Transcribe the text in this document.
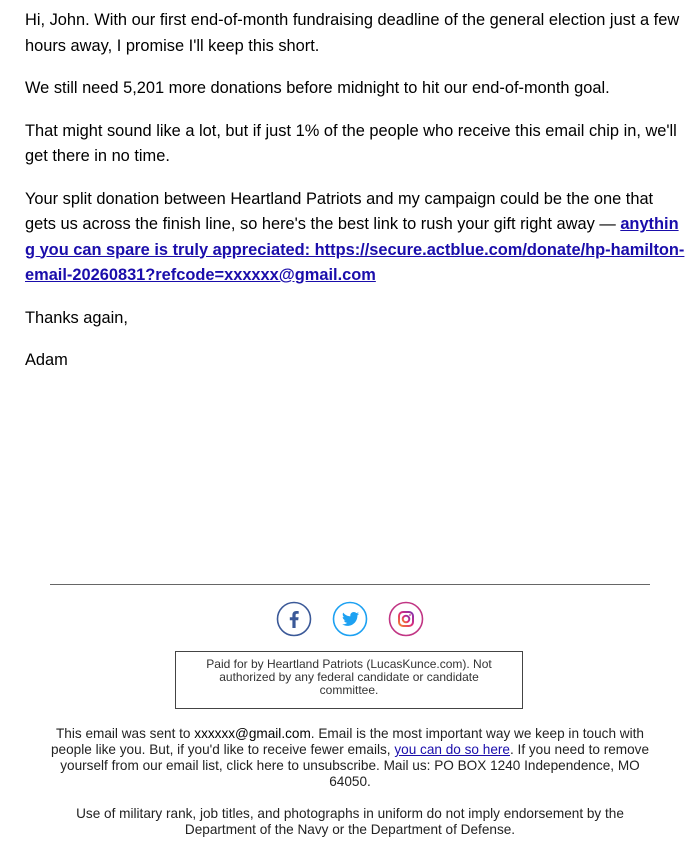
Hi, John. With our first end-of-month fundraising deadline of the general election just a few hours away, I promise I'll keep this short.

We still need 5,201 more donations before midnight to hit our end-of-month goal.

That might sound like a lot, but if just 1% of the people who receive this email chip in, we'll get there in no time.

Your split donation between Heartland Patriots and my campaign could be the one that gets us across the finish line, so here's the best link to rush your gift right away — anything you can spare is truly appreciated: https://secure.actblue.com/donate/hp-hamilton-email-20260831?refcode=xxxxxx@gmail.com

Thanks again,

Adam

Paid for by Heartland Patriots (LucasKunce.com). Not authorized by any federal candidate or candidate committee.

This email was sent to xxxxxx@gmail.com. Email is the most important way we keep in touch with people like you. But, if you'd like to receive fewer emails, you can do so here. If you need to remove yourself from our email list, click here to unsubscribe. Mail us: PO BOX 1240 Independence, MO 64050.

Use of military rank, job titles, and photographs in uniform do not imply endorsement by the Department of the Navy or the Department of Defense.
